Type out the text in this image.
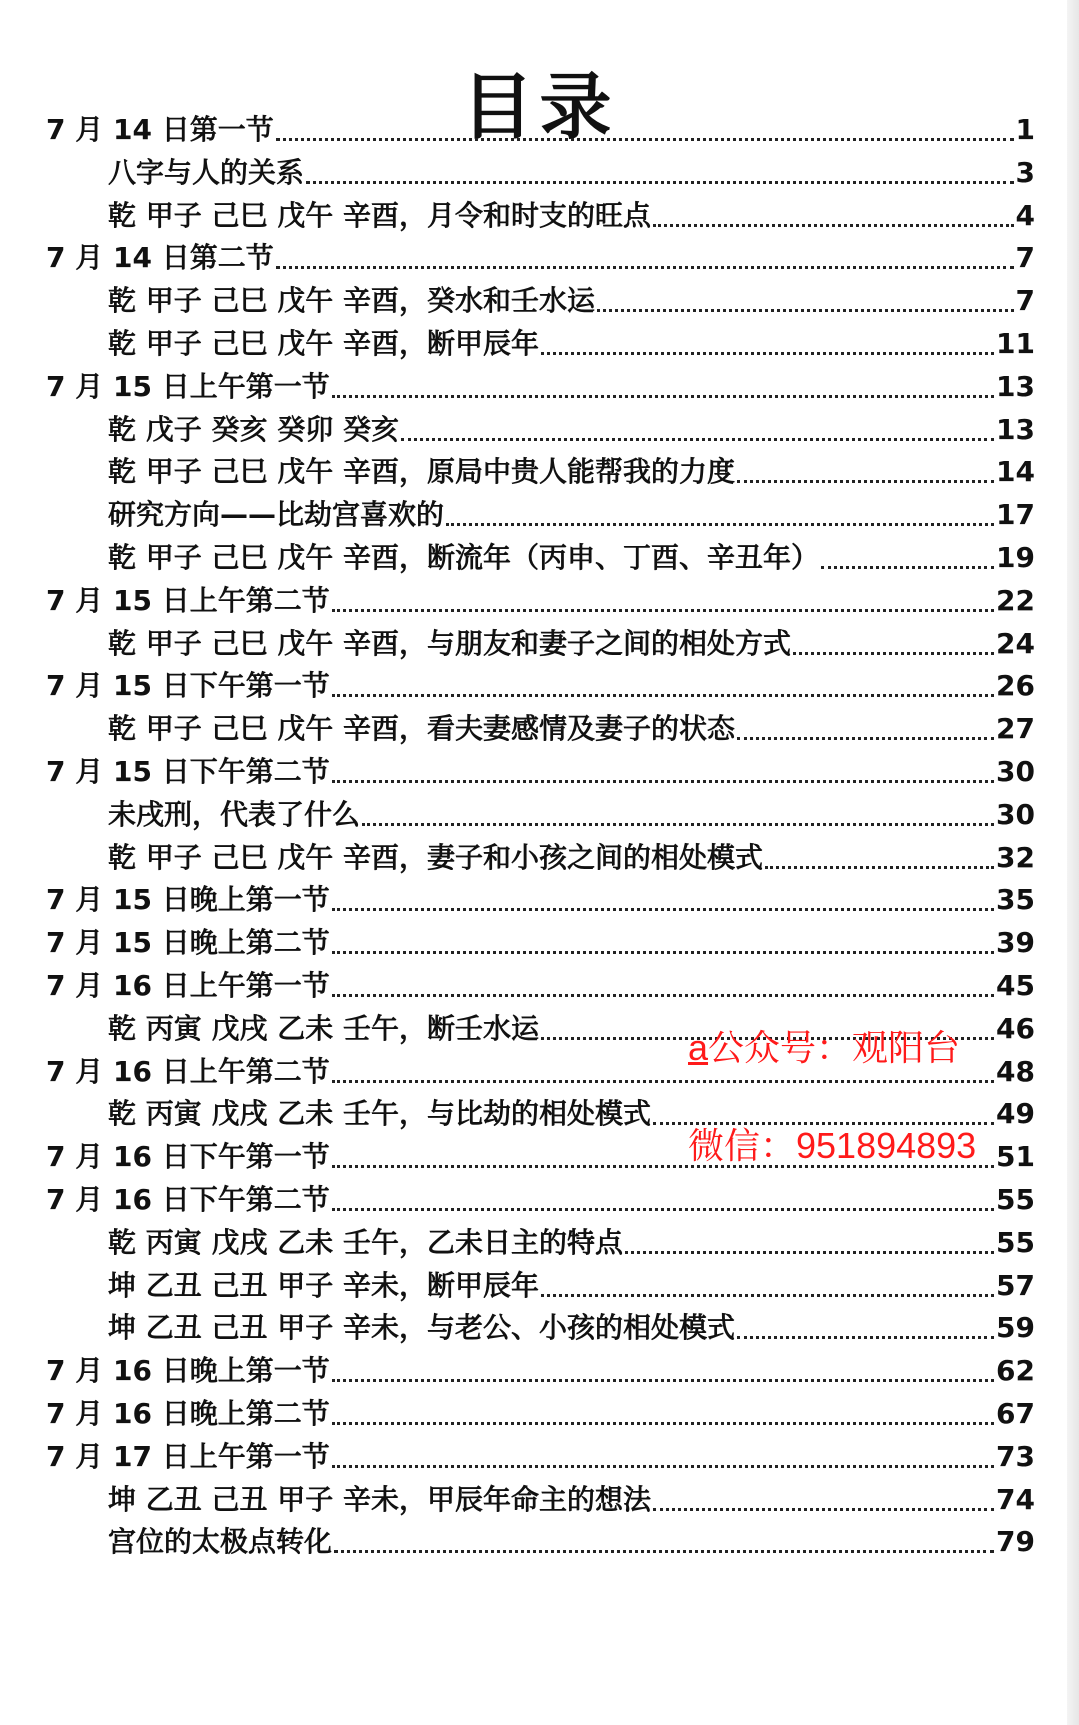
目录
7 月 14 日第一节	1
八字与人的关系	3
乾 甲子 己巳 戊午 辛酉，月令和时支的旺点	4
7 月 14 日第二节	7
乾 甲子 己巳 戊午 辛酉，癸水和壬水运	7
乾 甲子 己巳 戊午 辛酉，断甲辰年	11
7 月 15 日上午第一节	13
乾 戊子 癸亥 癸卯 癸亥	13
乾 甲子 己巳 戊午 辛酉，原局中贵人能帮我的力度	14
研究方向——比劫宫喜欢的	17
乾 甲子 己巳 戊午 辛酉，断流年（丙申、丁酉、辛丑年）	19
7 月 15 日上午第二节	22
乾 甲子 己巳 戊午 辛酉，与朋友和妻子之间的相处方式	24
7 月 15 日下午第一节	26
乾 甲子 己巳 戊午 辛酉，看夫妻感情及妻子的状态	27
7 月 15 日下午第二节	30
未戌刑，代表了什么	30
乾 甲子 己巳 戊午 辛酉，妻子和小孩之间的相处模式	32
7 月 15 日晚上第一节	35
7 月 15 日晚上第二节	39
7 月 16 日上午第一节	45
乾 丙寅 戊戌 乙未 壬午，断壬水运	46
7 月 16 日上午第二节	48
乾 丙寅 戊戌 乙未 壬午，与比劫的相处模式	49
7 月 16 日下午第一节	51
7 月 16 日下午第二节	55
乾 丙寅 戊戌 乙未 壬午，乙未日主的特点	55
坤 乙丑 己丑 甲子 辛未，断甲辰年	57
坤 乙丑 己丑 甲子 辛未，与老公、小孩的相处模式	59
7 月 16 日晚上第一节	62
7 月 16 日晚上第二节	67
7 月 17 日上午第一节	73
坤 乙丑 己丑 甲子 辛未，甲辰年命主的想法	74
宫位的太极点转化	79
a公众号：观阳台
微信：951894893
